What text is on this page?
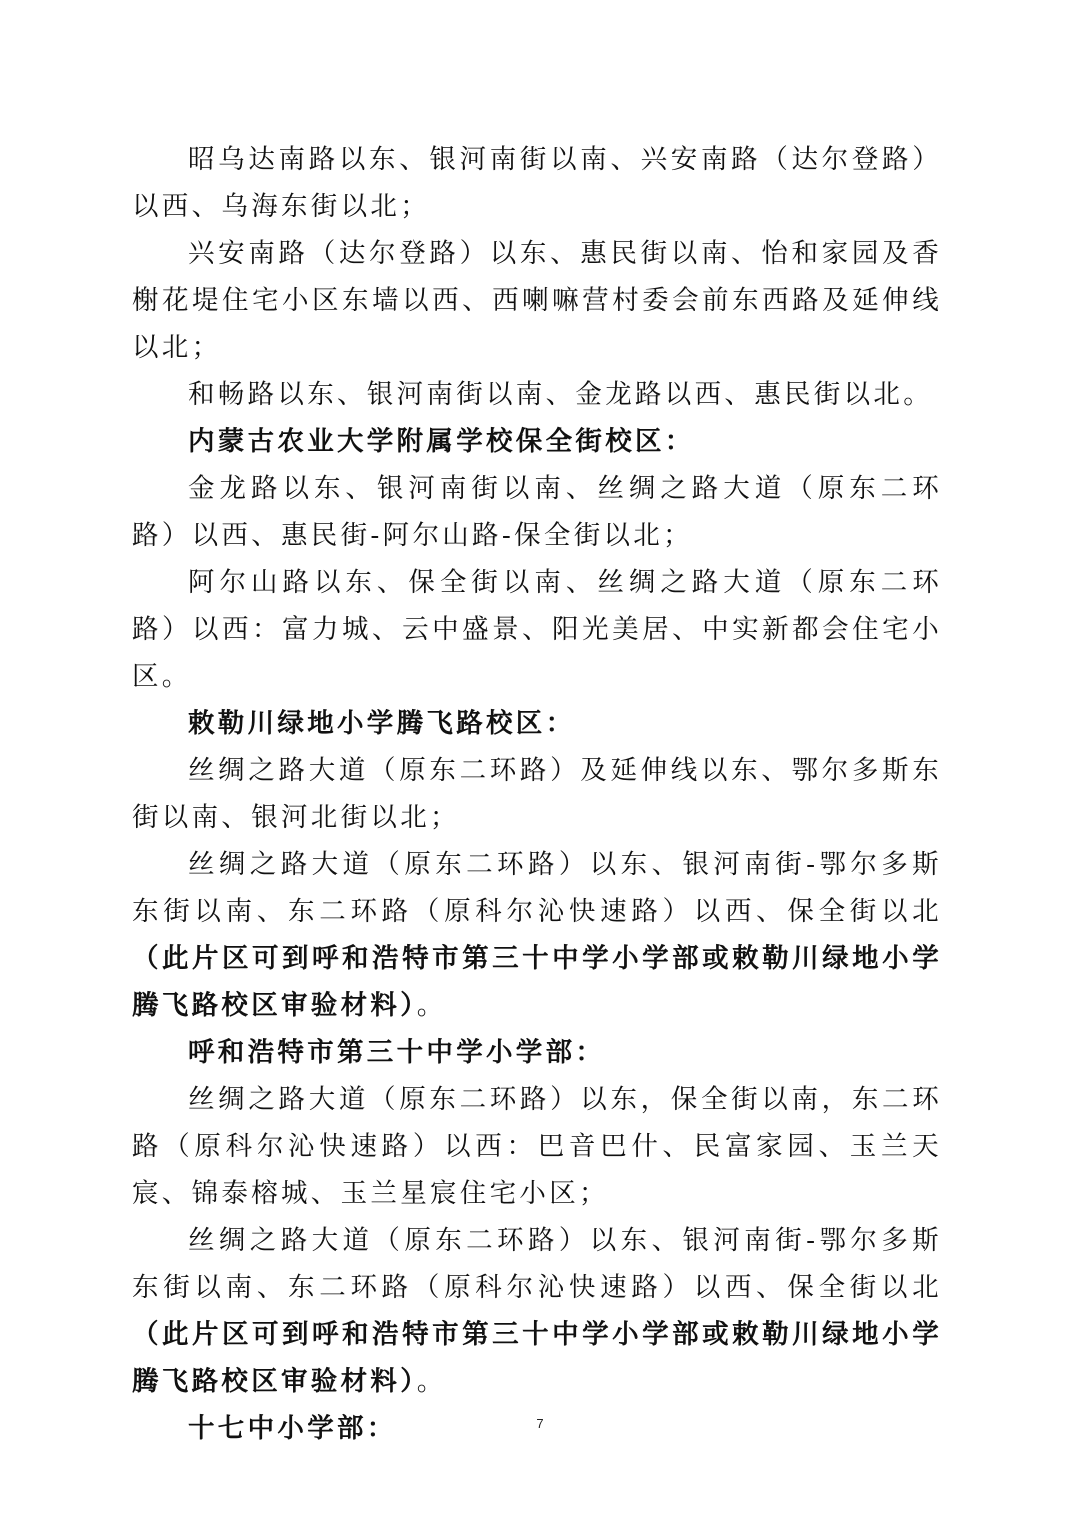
昭乌达南路以东、银河南街以南、兴安南路（达尔登路）以西、乌海东街以北；

兴安南路（达尔登路）以东、惠民街以南、怡和家园及香榭花堤住宅小区东墙以西、西喇嘛营村委会前东西路及延伸线以北；

和畅路以东、银河南街以南、金龙路以西、惠民街以北。

内蒙古农业大学附属学校保全街校区：

金龙路以东、银河南街以南、丝绸之路大道（原东二环路）以西、惠民街-阿尔山路-保全街以北；

阿尔山路以东、保全街以南、丝绸之路大道（原东二环路）以西：富力城、云中盛景、阳光美居、中实新都会住宅小区。

敕勒川绿地小学腾飞路校区：

丝绸之路大道（原东二环路）及延伸线以东、鄂尔多斯东街以南、银河北街以北；

丝绸之路大道（原东二环路）以东、银河南街-鄂尔多斯东街以南、东二环路（原科尔沁快速路）以西、保全街以北（此片区可到呼和浩特市第三十中学小学部或敕勒川绿地小学腾飞路校区审验材料）。

呼和浩特市第三十中学小学部：

丝绸之路大道（原东二环路）以东，保全街以南，东二环路（原科尔沁快速路）以西：巴音巴什、民富家园、玉兰天宸、锦泰榕城、玉兰星宸住宅小区；

丝绸之路大道（原东二环路）以东、银河南街-鄂尔多斯东街以南、东二环路（原科尔沁快速路）以西、保全街以北（此片区可到呼和浩特市第三十中学小学部或敕勒川绿地小学腾飞路校区审验材料）。

十七中小学部：	7
